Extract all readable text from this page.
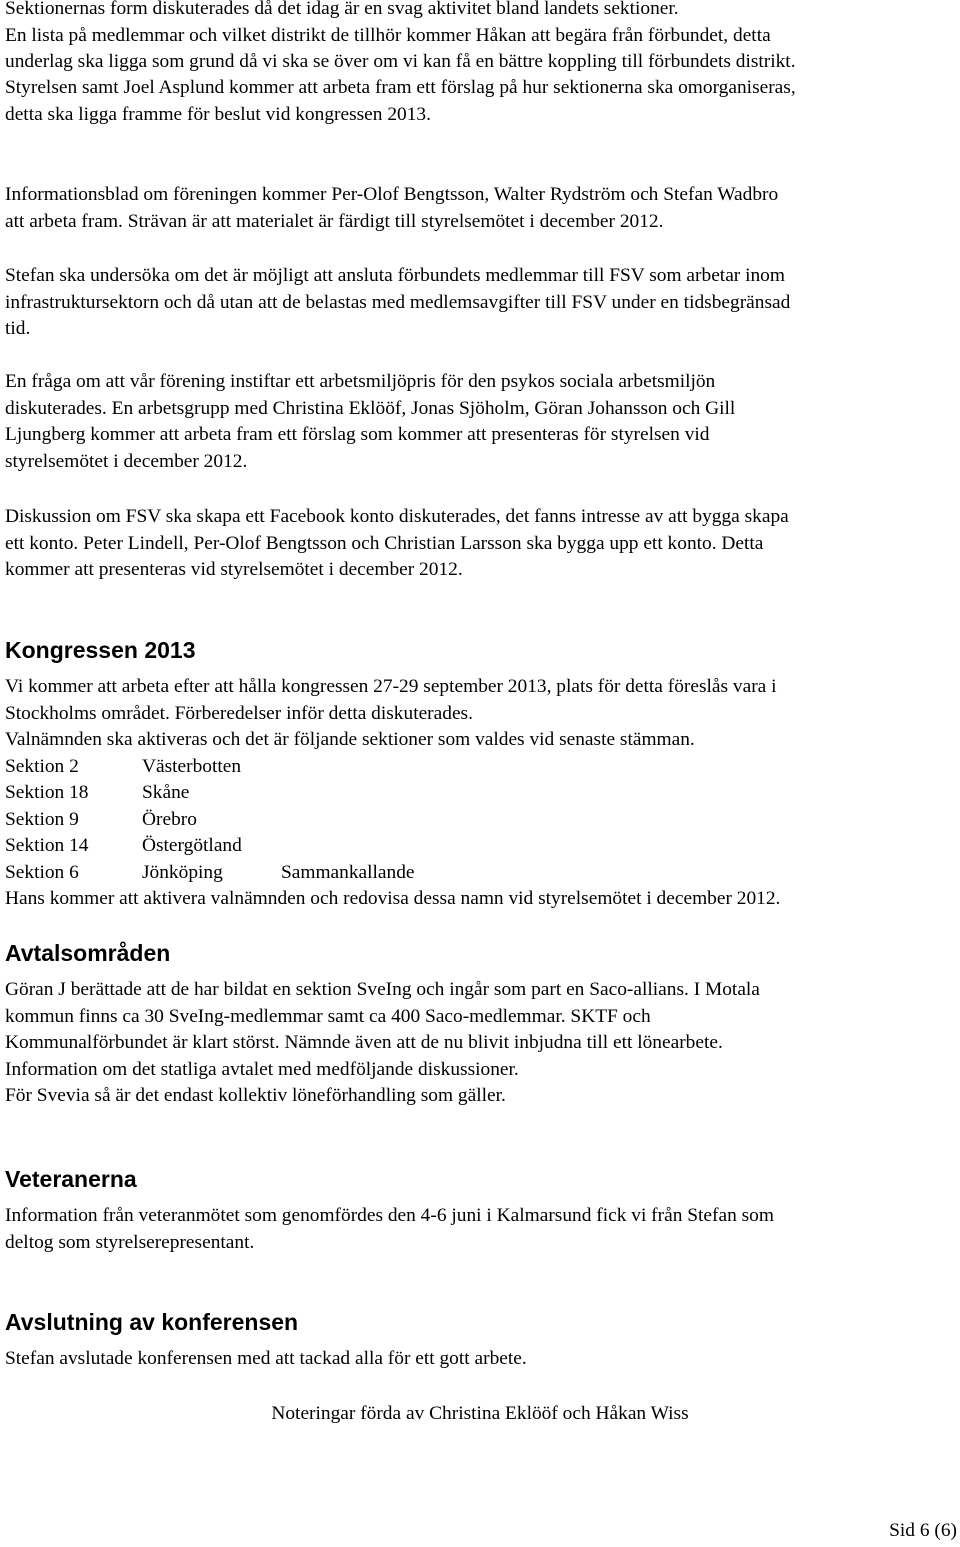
Sektionernas form diskuterades då det idag är en svag aktivitet bland landets sektioner.
En lista på medlemmar och vilket distrikt de tillhör kommer Håkan att begära från förbundet, detta
underlag ska ligga som grund då vi ska se över om vi kan få en bättre koppling till förbundets distrikt.

Styrelsen samt Joel Asplund kommer att arbeta fram ett förslag på hur sektionerna ska omorganiseras,
detta ska ligga framme för beslut vid kongressen 2013.

Informationsblad om föreningen kommer Per-Olof Bengtsson, Walter Rydström och Stefan Wadbro
att arbeta fram. Strävan är att materialet är färdigt till styrelsemötet i december 2012.

Stefan ska undersöka om det är möjligt att ansluta förbundets medlemmar till FSV som arbetar inom
infrastruktursektorn och då utan att de belastas med medlemsavgifter till FSV under en tidsbegränsad
tid.

En fråga om att vår förening instiftar ett arbetsmiljöpris för den psykos sociala arbetsmiljön
diskuterades. En arbetsgrupp med Christina Eklööf, Jonas Sjöholm, Göran Johansson och Gill
Ljungberg kommer att arbeta fram ett förslag som kommer att presenteras för styrelsen vid
styrelsemötet i december 2012.

Diskussion om FSV ska skapa ett Facebook konto diskuterades, det fanns intresse av att bygga skapa
ett konto. Peter Lindell, Per-Olof Bengtsson och Christian Larsson ska bygga upp ett konto. Detta
kommer att presenteras vid styrelsemötet i december 2012.

Kongressen 2013
Vi kommer att arbeta efter att hålla kongressen 27-29 september 2013, plats för detta föreslås vara i
Stockholms området. Förberedelser inför detta diskuterades.
Valnämnden ska aktiveras och det är följande sektioner som valdes vid senaste stämman.
Sektion 2	Västerbotten
Sektion 18	Skåne
Sektion 9	Örebro
Sektion 14	Östergötland
Sektion 6	Jönköping	Sammankallande
Hans kommer att aktivera valnämnden och redovisa dessa namn vid styrelsemötet i december 2012.
Avtalsområden
Göran J berättade att de har bildat en sektion SveIng och ingår som part en Saco-allians. I Motala
kommun finns ca 30 SveIng-medlemmar samt ca 400 Saco-medlemmar. SKTF och
Kommunalförbundet är klart störst. Nämnde även att de nu blivit inbjudna till ett lönearbete.
Information om det statliga avtalet med medföljande diskussioner.
För Svevia så är det endast kollektiv löneförhandling som gäller.
Veteranerna
Information från veteranmötet som genomfördes den 4-6 juni i Kalmarsund fick vi från Stefan som
deltog som styrelserepresentant.
Avslutning av konferensen
Stefan avslutade konferensen med att tackad alla för ett gott arbete.
Noteringar förda av Christina Eklööf och Håkan Wiss
Sid 6 (6)
